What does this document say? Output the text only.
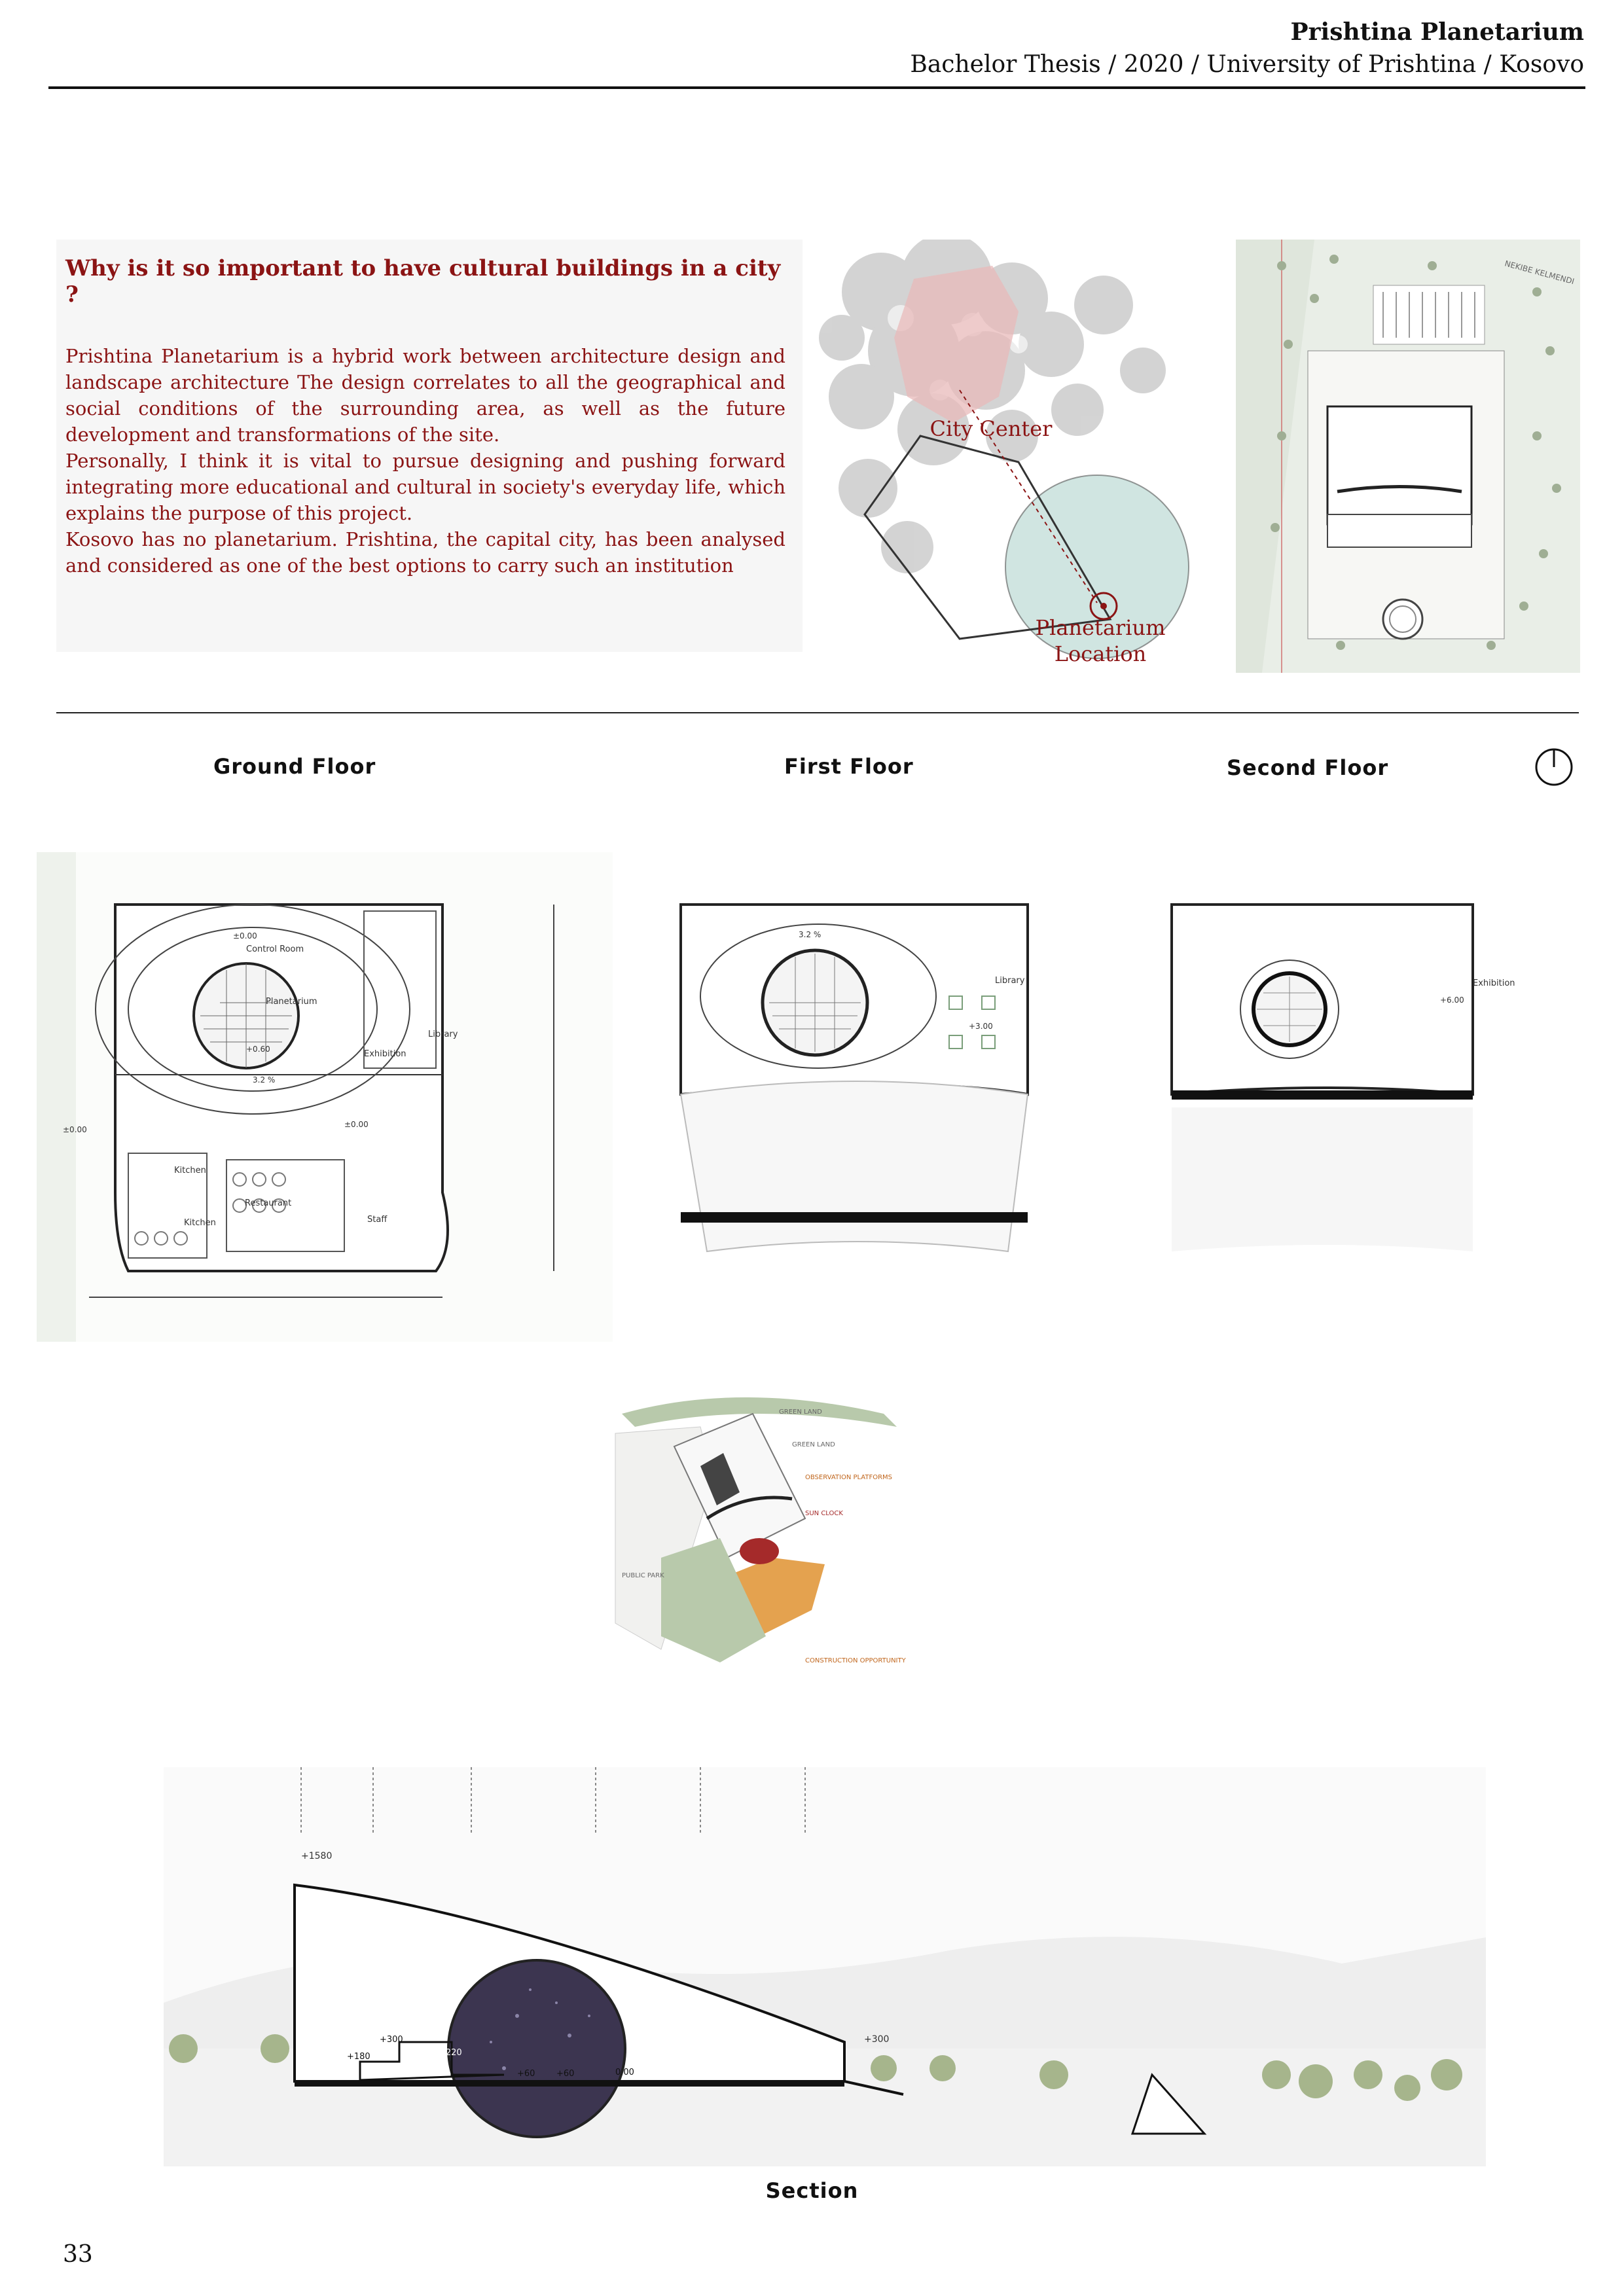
Prishtina Planetarium
Bachelor Thesis / 2020 / University of Prishtina / Kosovo
Why is it so important to have cultural buildings in a city ?

Prishtina Planetarium is a hybrid work between architecture design and landscape architecture The design correlates to all the geographical and social conditions of the surrounding area, as well as the future development and transformations of the site.

Personally, I think it is vital to pursue designing and pushing forward integrating more educational and cultural in society's everyday life, which explains the purpose of this project.

Kosovo has no planetarium. Prishtina, the capital city, has been analysed and considered as one of the best options to carry such an institution

City Center
Planetarium
Location
NEKIBE KELMENDI
Ground Floor	First Floor	Second Floor
Control Room
Planetarium
Library
Exhibition
Kitchen
Restaurant
Kitchen	Staff
±0.00
+0.60
±0.00
±0.00
3.2 %
Library
+3.00
3.2 %
Exhibition
+6.00
GREEN LAND
GREEN LAND
OBSERVATION PLATFORMS
SUN CLOCK
PUBLIC PARK
CONSTRUCTION OPPORTUNITY
+1580
+300
+300
+220
+180
+60	+60	0.00
Section
33
